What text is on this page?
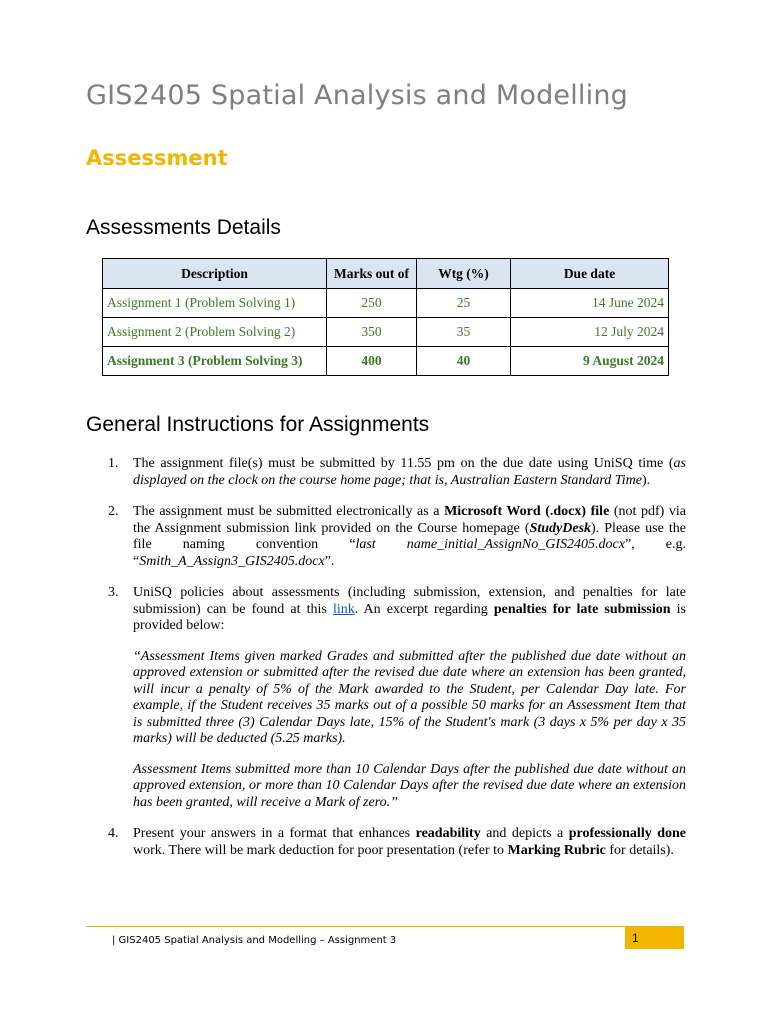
GIS2405 Spatial Analysis and Modelling
Assessment
Assessments Details
Description	Marks out of	Wtg (%)	Due date
Assignment 1 (Problem Solving 1)	250	25	14 June 2024
Assignment 2 (Problem Solving 2)	350	35	12 July 2024
Assignment 3 (Problem Solving 3)	400	40	9 August 2024
General Instructions for Assignments
1. The assignment file(s) must be submitted by 11.55 pm on the due date using UniSQ time (as displayed on the clock on the course home page; that is, Australian Eastern Standard Time).

2. The assignment must be submitted electronically as a Microsoft Word (.docx) file (not pdf) via the Assignment submission link provided on the Course homepage (StudyDesk). Please use the file naming convention “last name_initial_AssignNo_GIS2405.docx”, e.g. “Smith_A_Assign3_GIS2405.docx”.

3. UniSQ policies about assessments (including submission, extension, and penalties for late submission) can be found at this link. An excerpt regarding penalties for late submission is provided below:

“Assessment Items given marked Grades and submitted after the published due date without an approved extension or submitted after the revised due date where an extension has been granted, will incur a penalty of 5% of the Mark awarded to the Student, per Calendar Day late. For example, if the Student receives 35 marks out of a possible 50 marks for an Assessment Item that is submitted three (3) Calendar Days late, 15% of the Student's mark (3 days x 5% per day x 35 marks) will be deducted (5.25 marks).

Assessment Items submitted more than 10 Calendar Days after the published due date without an approved extension, or more than 10 Calendar Days after the revised due date where an extension has been granted, will receive a Mark of zero.”

4. Present your answers in a format that enhances readability and depicts a professionally done work. There will be mark deduction for poor presentation (refer to Marking Rubric for details).

| GIS2405 Spatial Analysis and Modelling – Assignment 3	1
